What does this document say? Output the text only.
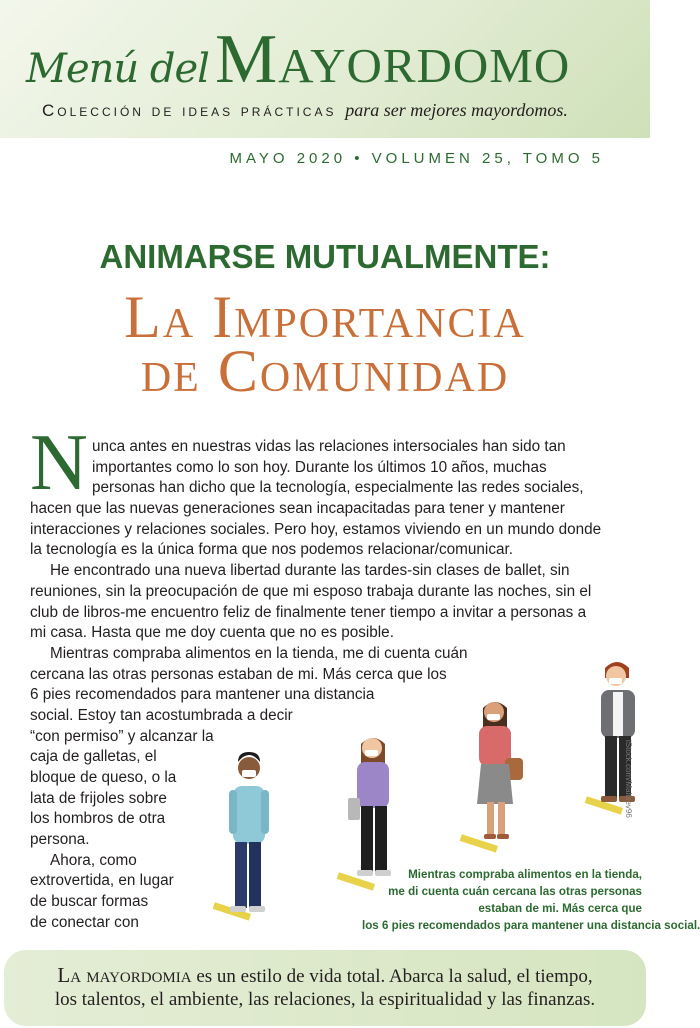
Menú delMayordomo
Colección de ideas prácticas para ser mejores mayordomos.
MAYO 2020 • VOLUMEN 25, TOMO 5
ANIMARSE MUTUALMENTE:
La Importancia
de Comunidad
N unca antes en nuestras vidas las relaciones intersociales han sido tan
importantes como lo son hoy. Durante los últimos 10 años, muchas
personas han dicho que la tecnología, especialmente las redes sociales,
hacen que las nuevas generaciones sean incapacitadas para tener y mantener
interacciones y relaciones sociales. Pero hoy, estamos viviendo en un mundo donde
la tecnología es la única forma que nos podemos relacionar/comunicar.
He encontrado una nueva libertad durante las tardes-sin clases de ballet, sin
reuniones, sin la preocupación de que mi esposo trabaja durante las noches, sin el
club de libros-me encuentro feliz de finalmente tener tiempo a invitar a personas a
mi casa. Hasta que me doy cuenta que no es posible.
Mientras compraba alimentos en la tienda, me di cuenta cuán
cercana las otras personas estaban de mi. Más cerca que los
6 pies recomendados para mantener una distancia
social. Estoy tan acostumbrada a decir
“con permiso” y alcanzar la
caja de galletas, el
bloque de queso, o la
lata de frijoles sobre
los hombros de otra
persona.
Ahora, como
extrovertida, en lugar
de buscar formas
de conectar con
iStock.com/Maltsev96
Mientras compraba alimentos en la tienda,
me di cuenta cuán cercana las otras personas
estaban de mi. Más cerca que
los 6 pies recomendados para mantener una distancia social.
La mayordomia es un estilo de vida total. Abarca la salud, el tiempo,
los talentos, el ambiente, las relaciones, la espiritualidad y las finanzas.
